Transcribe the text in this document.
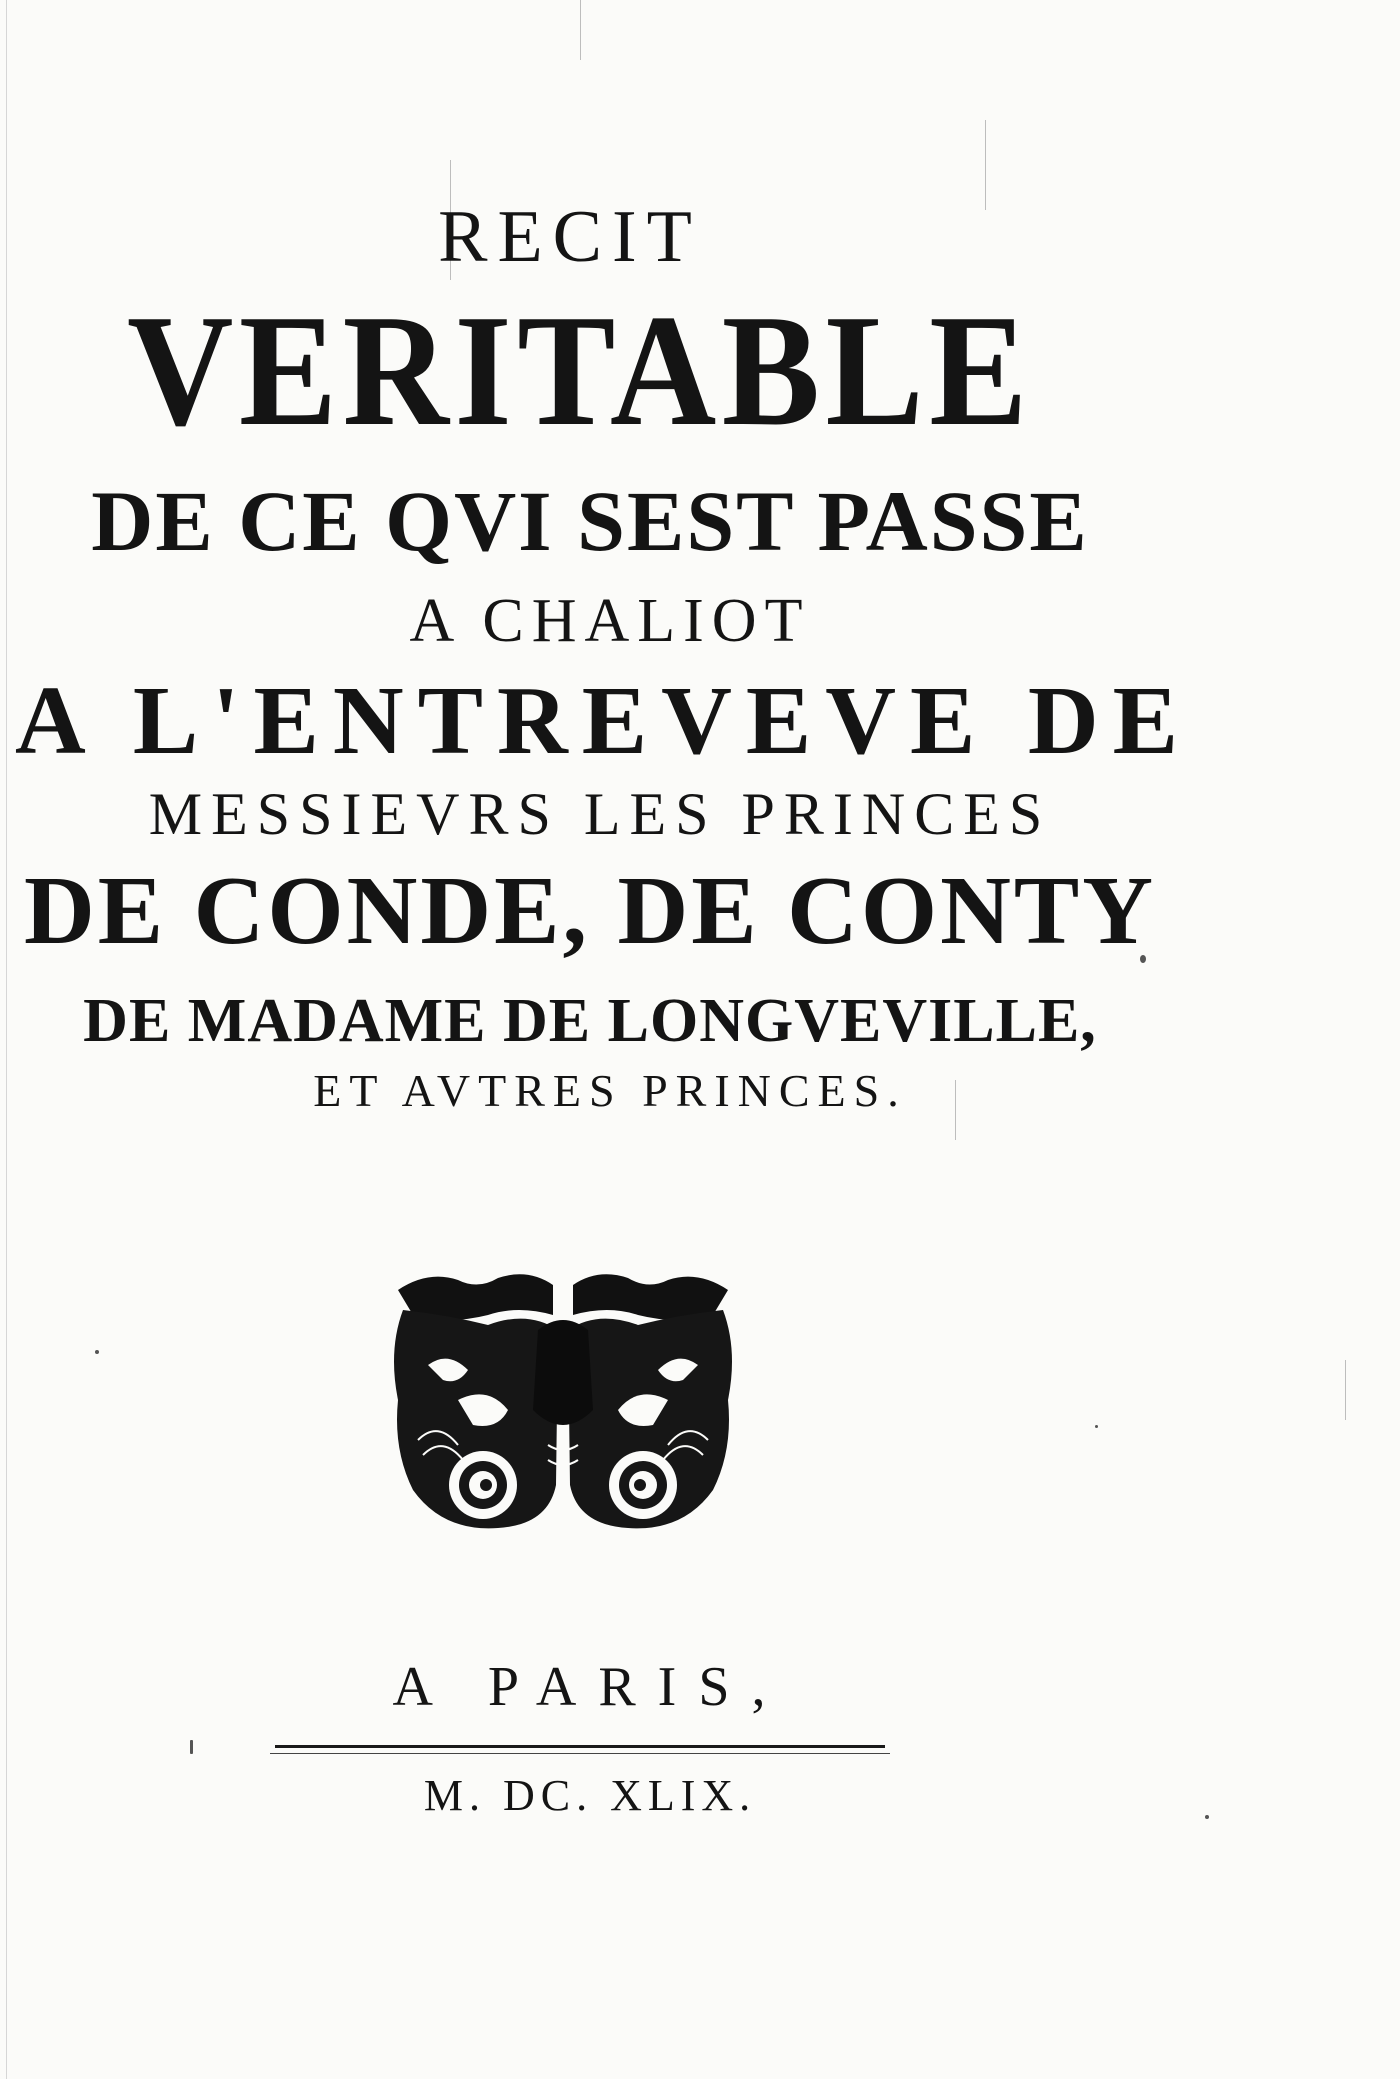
RECIT
VERITABLE
DE CE QVI SEST PASSE
A CHALIOT
A L'ENTREVEVE DE
MESSIEVRS LES PRINCES
DE CONDE, DE CONTY
DE MADAME DE LONGVEVILLE,
ET AVTRES PRINCES.
A PARIS,
M. DC. XLIX.
